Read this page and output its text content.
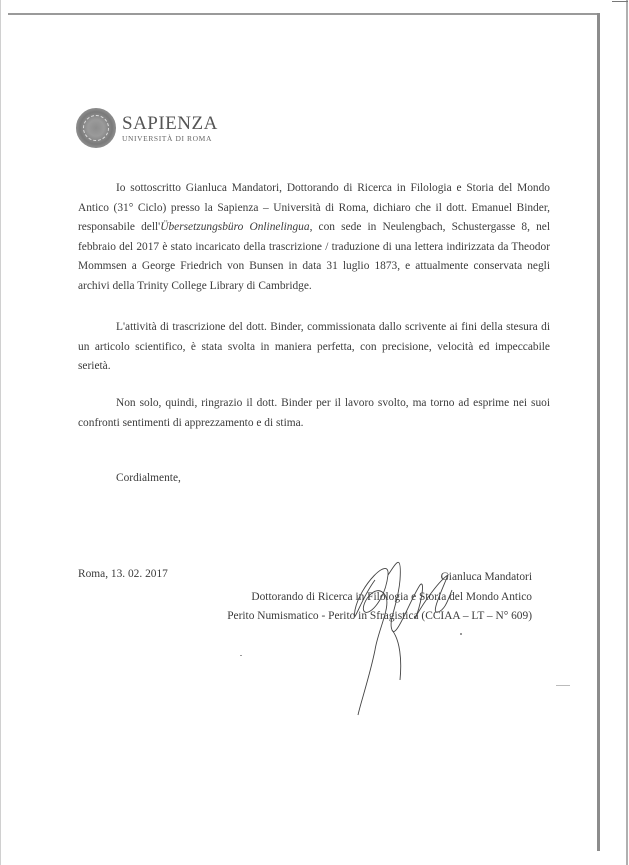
SAPIENZA
UNIVERSITÀ DI ROMA
Io sottoscritto Gianluca Mandatori, Dottorando di Ricerca in Filologia e Storia del Mondo Antico (31° Ciclo) presso la Sapienza – Università di Roma, dichiaro che il dott. Emanuel Binder, responsabile dell'Übersetzungsbüro Onlinelingua, con sede in Neulengbach, Schustergasse 8, nel febbraio del 2017 è stato incaricato della trascrizione / traduzione di una lettera indirizzata da Theodor Mommsen a George Friedrich von Bunsen in data 31 luglio 1873, e attualmente conservata negli archivi della Trinity College Library di Cambridge.
L'attività di trascrizione del dott. Binder, commissionata dallo scrivente ai fini della stesura di un articolo scientifico, è stata svolta in maniera perfetta, con precisione, velocità ed impeccabile serietà.
Non solo, quindi, ringrazio il dott. Binder per il lavoro svolto, ma torno ad esprime nei suoi confronti sentimenti di apprezzamento e di stima.
Cordialmente,
Roma, 13. 02. 2017	Gianluca Mandatori
Dottorando di Ricerca in Filologia e Storia del Mondo Antico
Perito Numismatico - Perito in Sfragistica (CCIAA – LT – N° 609)
